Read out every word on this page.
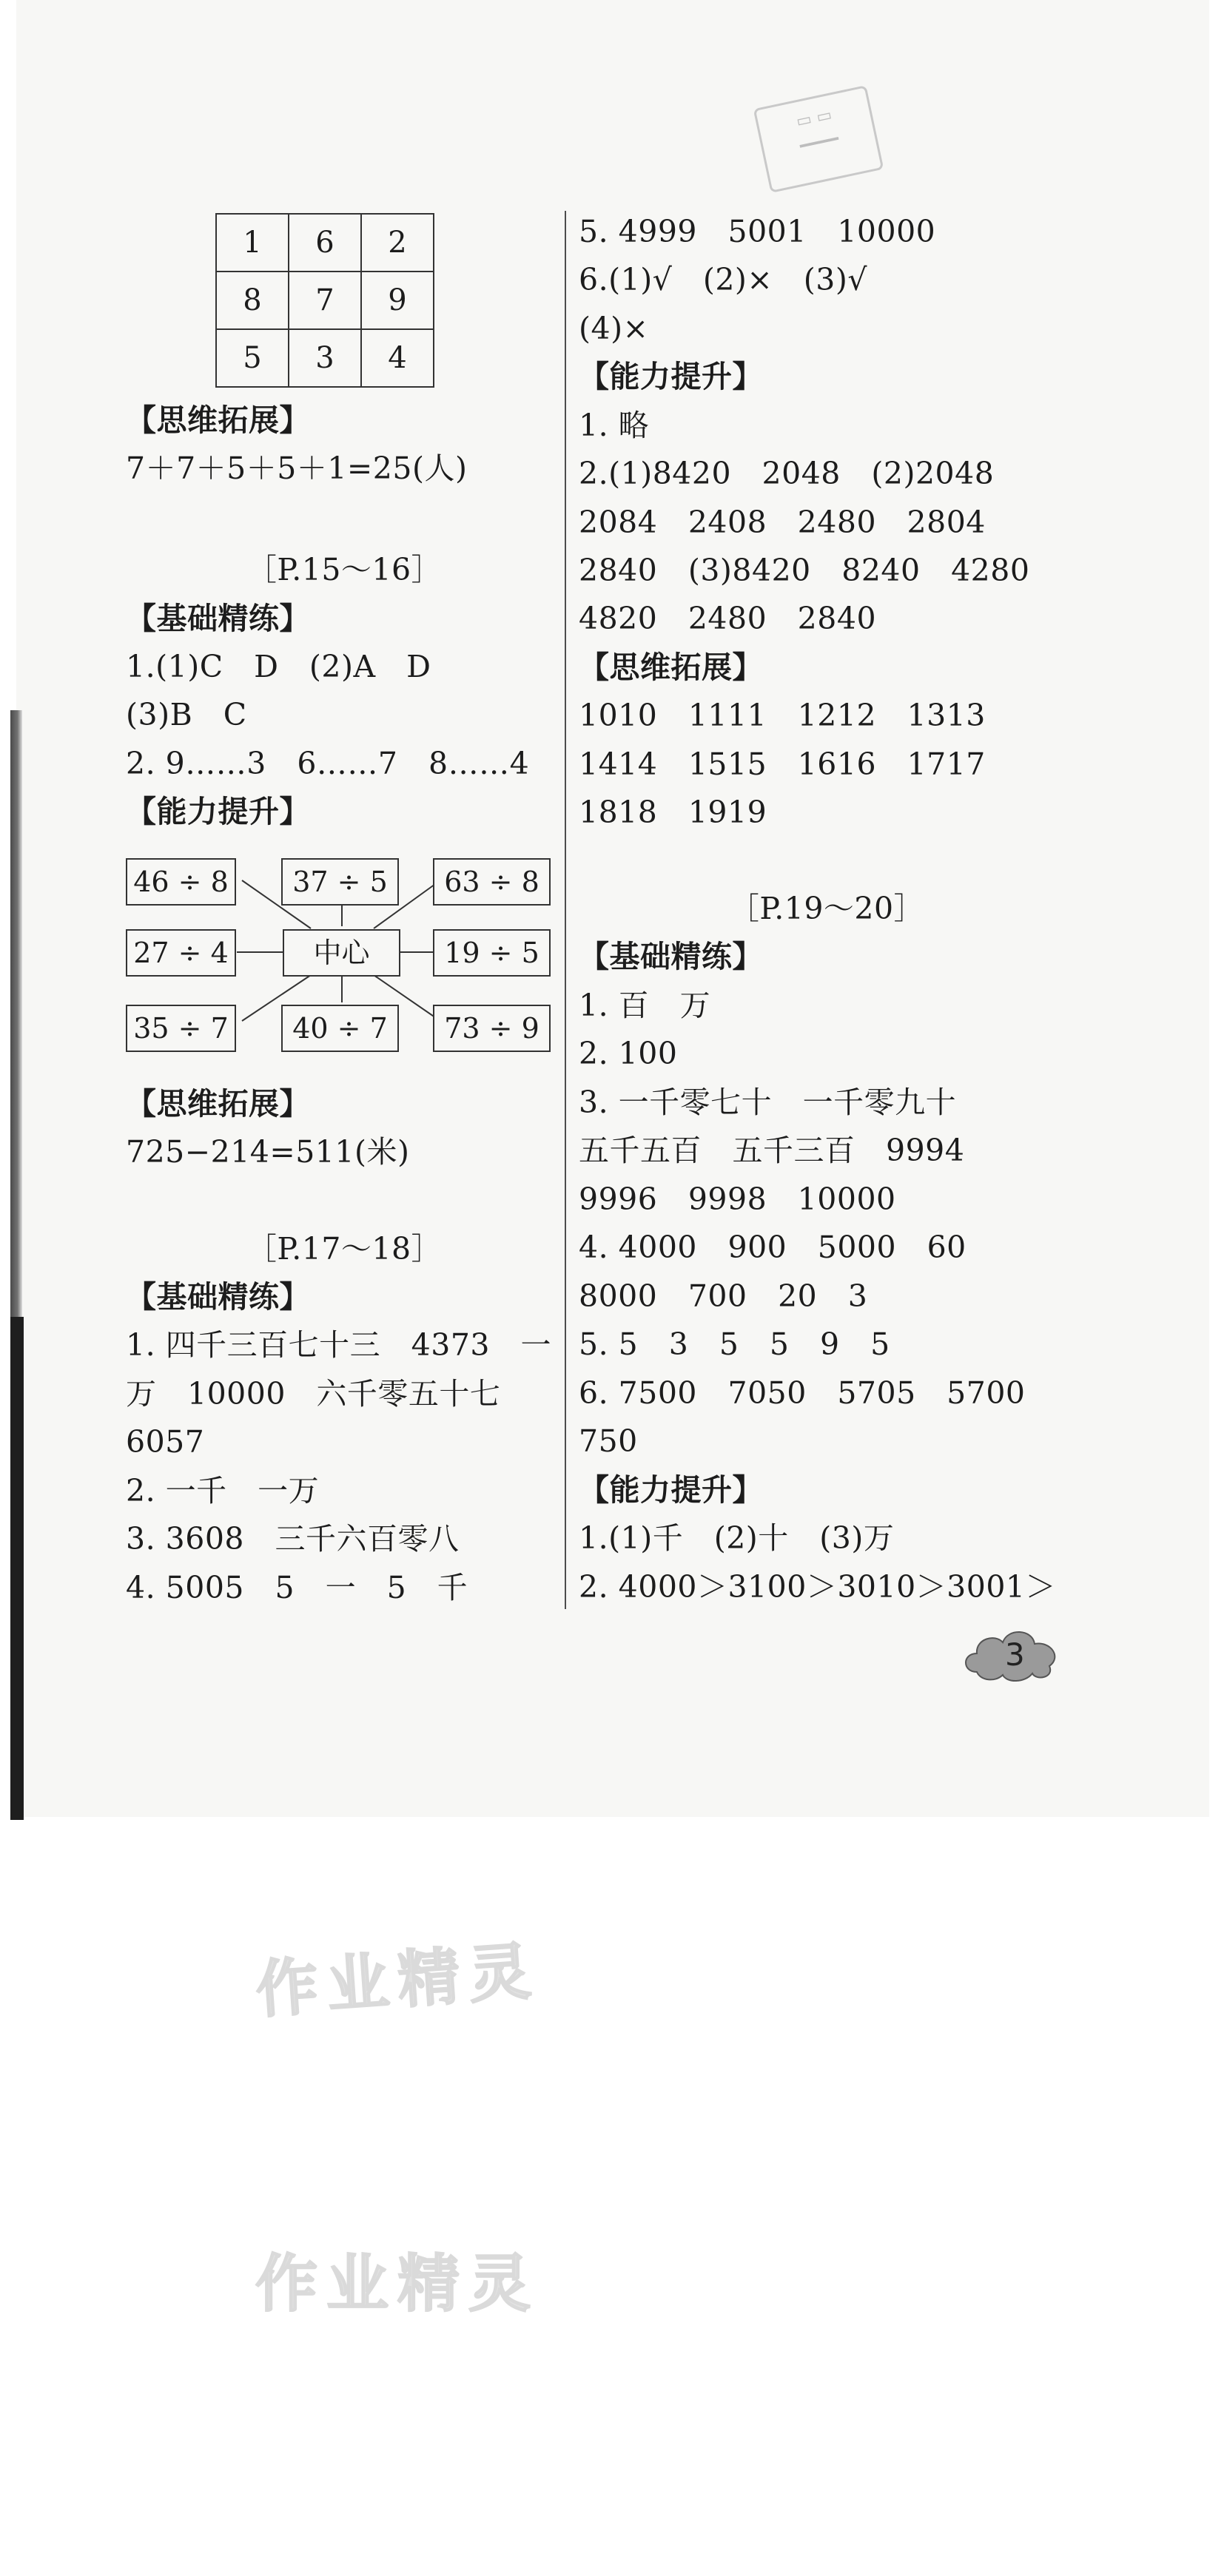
▭ ▭
━━━━
1	6	2
8	7	9
5	3	4
【思维拓展】
7＋7＋5＋5＋1=25(人)
［P.15～16］
【基础精练】
1.(1)C　D　(2)A　D
(3)B　C
2. 9……3　6……7　8……4
【能力提升】
【思维拓展】
725−214=511(米)
［P.17～18］
【基础精练】
1. 四千三百七十三　4373　一
万　10000　六千零五十七
6057
2. 一千　一万
3. 3608　三千六百零八
4. 5005　5　一　5　千
46 ÷ 8	37 ÷ 5	63 ÷ 8
27 ÷ 4	中心	19 ÷ 5
35 ÷ 7	40 ÷ 7	73 ÷ 9
5. 4999　5001　10000
6.(1)√　(2)×　(3)√
(4)×
【能力提升】
1. 略
2.(1)8420　2048　(2)2048
2084　2408　2480　2804
2840　(3)8420　8240　4280
4820　2480　2840
【思维拓展】
1010　1111　1212　1313
1414　1515　1616　1717
1818　1919
［P.19～20］
【基础精练】
1. 百　万
2. 100
3. 一千零七十　一千零九十
五千五百　五千三百　9994
9996　9998　10000
4. 4000　900　5000　60
8000　700　20　3
5. 5　3　5　5　9　5
6. 7500　7050　5705　5700
750
【能力提升】
1.(1)千　(2)十　(3)万
2. 4000＞3100＞3010＞3001＞
3
作业精灵
作业精灵
